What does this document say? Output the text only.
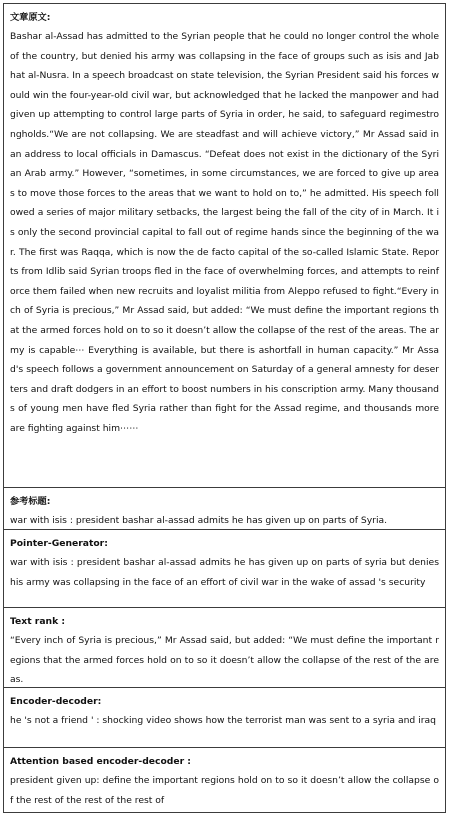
文章原文:

Bashar al-Assad has admitted to the Syrian people that he could no longer control the whole of the country, but denied his army was collapsing in the face of groups such as isis and Jabhat al-Nusra. In a speech broadcast on state television, the Syrian President said his forces would win the four-year-old civil war, but acknowledged that he lacked the manpower and had given up attempting to control large parts of Syria in order, he said, to safeguard regimestrongholds.“We are not collapsing. We are steadfast and will achieve victory,” Mr Assad said in an address to local officials in Damascus. “Defeat does not exist in the dictionary of the Syrian Arab army.” However, “sometimes, in some circumstances, we are forced to give up areas to move those forces to the areas that we want to hold on to,” he admitted. His speech followed a series of major military setbacks, the largest being the fall of the city of in March. It is only the second provincial capital to fall out of regime hands since the beginning of the war. The first was Raqqa, which is now the de facto capital of the so-called Islamic State. Reports from Idlib said Syrian troops fled in the face of overwhelming forces, and attempts to reinforce them failed when new recruits and loyalist militia from Aleppo refused to fight.“Every inch of Syria is precious,” Mr Assad said, but added: “We must define the important regions that the armed forces hold on to so it doesn’t allow the collapse of the rest of the areas. The army is capable⋯ Everything is available, but there is ashortfall in human capacity.” Mr Assad's speech follows a government announcement on Saturday of a general amnesty for deserters and draft dodgers in an effort to boost numbers in his conscription army. Many thousands of young men have fled Syria rather than fight for the Assad regime, and thousands more are fighting against him⋯⋯

参考标题:

war with isis : president bashar al-assad admits he has given up on parts of Syria.

Pointer-Generator:

war with isis : president bashar al-assad admits he has given up on parts of syria but denies his army was collapsing in the face of an effort of civil war in the wake of assad 's security

Text rank :

“Every inch of Syria is precious,” Mr Assad said, but added: “We must define the important regions that the armed forces hold on to so it doesn’t allow the collapse of the rest of the areas.

Encoder-decoder:

he 's not a friend ' : shocking video shows how the terrorist man was sent to a syria and iraq

Attention based encoder-decoder :

president given up: define the important regions hold on to so it doesn’t allow the collapse of the rest of the rest of the rest of
